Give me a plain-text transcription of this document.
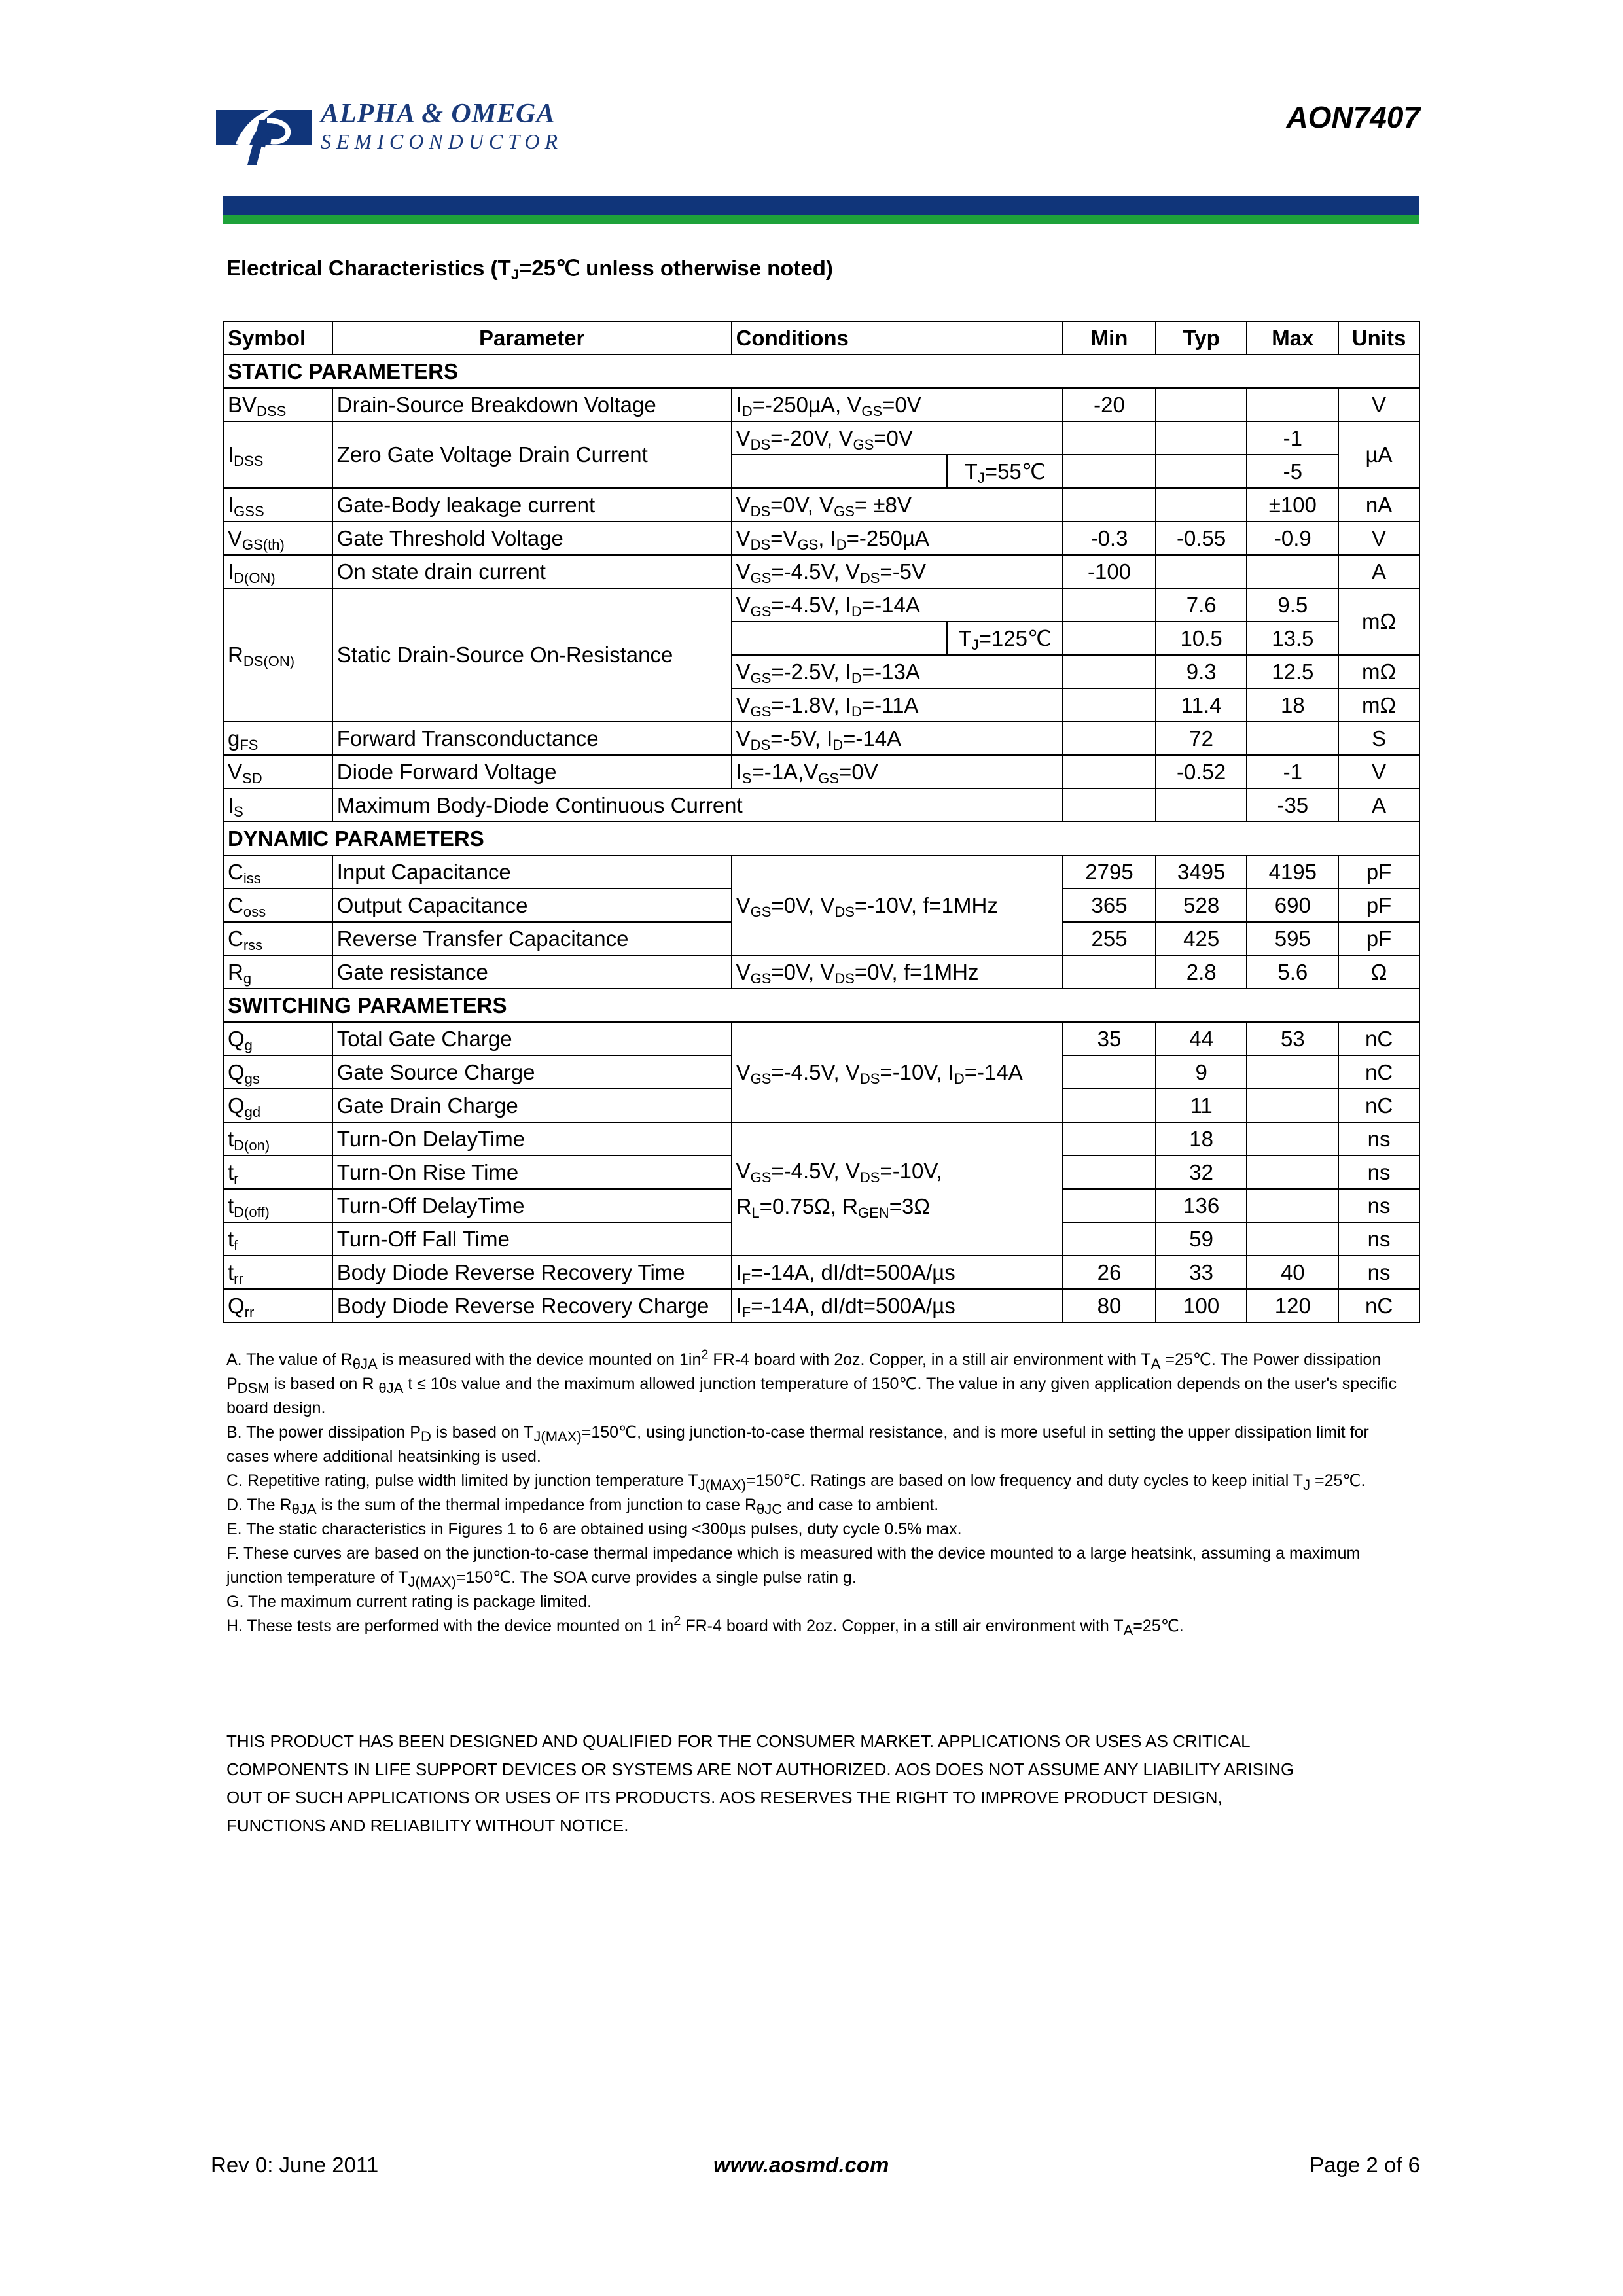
ALPHA & OMEGA
SEMICONDUCTOR
AON7407
Electrical Characteristics ($T_J=25℃$ unless otherwise noted)
Symbol	Parameter	Conditions		Min	Typ	Max	Units
STATIC PARAMETERS							
$BV_{DSS}$	Drain-Source Breakdown Voltage	$I_D=-250\mu A$, $V_{GS}=0V$		-20			V
$I_{DSS}$	Zero Gate Voltage Drain Current	$V_{DS}=-20V$, $V_{GS}=0V$				-1	µA
			$T_J=55℃$			-5	
$I_{GSS}$	Gate-Body leakage current	$V_{DS}=0V$, $V_{GS}= \pm 8V$				±100	nA
$V_{GS(th)}$	Gate Threshold Voltage	$V_{DS}=V_{GS}$, $I_D=-250\mu A$		-0.3	-0.55	-0.9	V
$I_{D(ON)}$	On state drain current	$V_{GS}=-4.5V$, $V_{DS}=-5V$		-100			A
$R_{DS(ON)}$	Static Drain-Source On-Resistance	$V_{GS}=-4.5V$, $I_D=-14A$			7.6	9.5	mΩ
			$T_J=125℃$		10.5	13.5	
		$V_{GS}=-2.5V$, $I_D=-13A$			9.3	12.5	mΩ
		$V_{GS}=-1.8V$, $I_D=-11A$			11.4	18	mΩ
$g_{FS}$	Forward Transconductance	$V_{DS}=-5V$, $I_D=-14A$			72		S
$V_{SD}$	Diode Forward Voltage	$I_S=-1A,V_{GS}=0V$			-0.52	-1	V
$I_S$	Maximum Body-Diode Continuous Current					-35	A
DYNAMIC PARAMETERS							
$C_{iss}$	Input Capacitance	$V_{GS}=0V$, $V_{DS}=-10V$, f=1MHz		2795	3495	4195	pF
$C_{oss}$	Output Capacitance			365	528	690	pF
$C_{rss}$	Reverse Transfer Capacitance			255	425	595	pF
$R_g$	Gate resistance	$V_{GS}=0V$, $V_{DS}=0V$, f=1MHz			2.8	5.6	Ω
SWITCHING PARAMETERS							
$Q_g$	Total Gate Charge	$V_{GS}=-4.5V$, $V_{DS}=-10V$, $I_D=-14A$		35	44	53	nC
$Q_{gs}$	Gate Source Charge				9		nC
$Q_{gd}$	Gate Drain Charge				11		nC
$t_{D(on)}$	Turn-On DelayTime	$V_{GS}=-4.5V$, $V_{DS}=-10V$,
$R_L=0.75\Omega$, $R_{GEN}=3\Omega$			18		ns
$t_r$	Turn-On Rise Time				32		ns
$t_{D(off)}$	Turn-Off DelayTime				136		ns
$t_f$	Turn-Off Fall Time				59		ns
$t_{rr}$	Body Diode Reverse Recovery Time	$I_F=-14A$, dI/dt=500A/µs		26	33	40	ns
$Q_{rr}$	Body Diode Reverse Recovery Charge	$I_F=-14A$, dI/dt=500A/µs		80	100	120	nC

A. The value of $R_{\theta JA}$ is measured with the device mounted on $1in^2$ FR-4 board with 2oz. Copper, in a still air environment with $T_A$ =25℃. The Power dissipation $P_{DSM}$ is based on R $_{\theta JA}$ t ≤ 10s value and the maximum allowed junction temperature of 150℃. The value in any given application depends on the user's specific board design.

B. The power dissipation $P_D$ is based on $T_{J(MAX)}=150℃$, using junction-to-case thermal resistance, and is more useful in setting the upper dissipation limit for cases where additional heatsinking is used.

C. Repetitive rating, pulse width limited by junction temperature $T_{J(MAX)}=150℃$. Ratings are based on low frequency and duty cycles to keep initial $T_J$ =25℃.

D. The $R_{\theta JA}$ is the sum of the thermal impedance from junction to case $R_{\theta JC}$ and case to ambient.

E. The static characteristics in Figures 1 to 6 are obtained using <300µs pulses, duty cycle 0.5% max.

F. These curves are based on the junction-to-case thermal impedance which is measured with the device mounted to a large heatsink, assuming a maximum junction temperature of $T_{J(MAX)}=150℃$. The SOA curve provides a single pulse ratin g.

G. The maximum current rating is package limited.

H. These tests are performed with the device mounted on 1 $in^2$ FR-4 board with 2oz. Copper, in a still air environment with $T_A=25℃$.

THIS PRODUCT HAS BEEN DESIGNED AND QUALIFIED FOR THE CONSUMER MARKET. APPLICATIONS OR USES AS CRITICAL

COMPONENTS IN LIFE SUPPORT DEVICES OR SYSTEMS ARE NOT AUTHORIZED. AOS DOES NOT ASSUME ANY LIABILITY ARISING

OUT OF SUCH APPLICATIONS OR USES OF ITS PRODUCTS. AOS RESERVES THE RIGHT TO IMPROVE PRODUCT DESIGN,

FUNCTIONS AND RELIABILITY WITHOUT NOTICE.

Rev 0: June 2011	www.aosmd.com	Page 2 of 6
